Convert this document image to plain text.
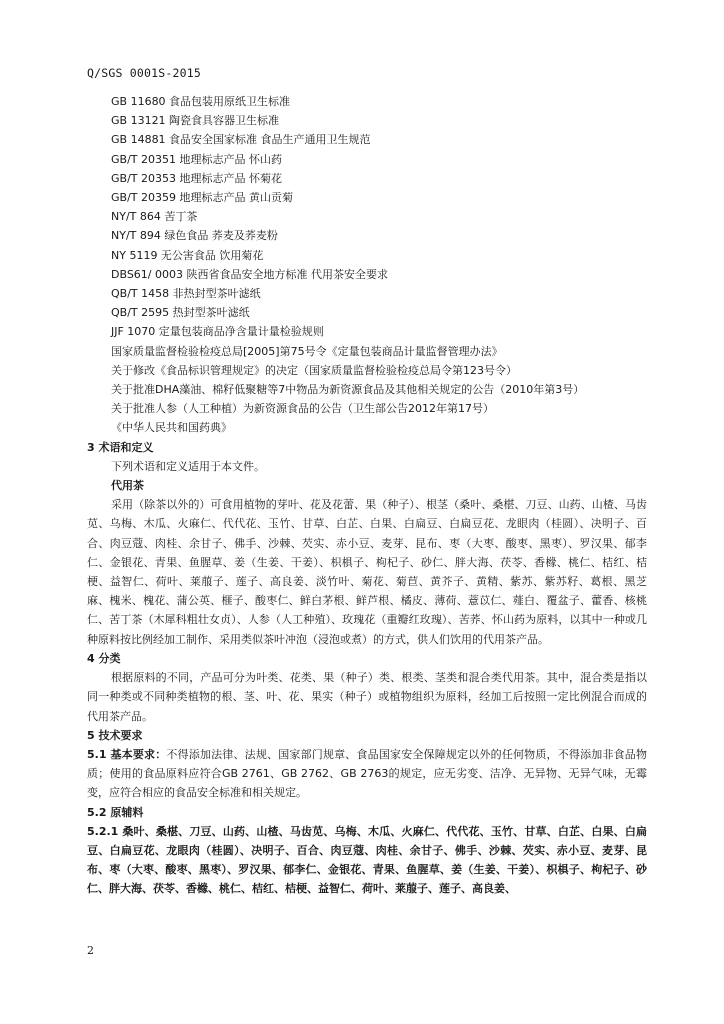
Q/SGS 0001S-2015
GB 11680 食品包装用原纸卫生标准
GB 13121 陶瓷食具容器卫生标准
GB 14881 食品安全国家标准 食品生产通用卫生规范
GB/T 20351 地理标志产品 怀山药
GB/T 20353 地理标志产品 怀菊花
GB/T 20359 地理标志产品 黄山贡菊
NY/T 864 苦丁茶
NY/T 894 绿色食品 荞麦及荞麦粉
NY 5119 无公害食品 饮用菊花
DBS61/ 0003 陕西省食品安全地方标准 代用茶安全要求
QB/T 1458 非热封型茶叶滤纸
QB/T 2595 热封型茶叶滤纸
JJF 1070 定量包装商品净含量计量检验规则
国家质量监督检验检疫总局[2005]第75号令《定量包装商品计量监督管理办法》
关于修改《食品标识管理规定》的决定（国家质量监督检验检疫总局令第123号令）
关于批准DHA藻油、棉籽低聚糖等7中物品为新资源食品及其他相关规定的公告（2010年第3号）
关于批准人参（人工种植）为新资源食品的公告（卫生部公告2012年第17号）
《中华人民共和国药典》
3 术语和定义
下列术语和定义适用于本文件。
代用茶
采用（除茶以外的）可食用植物的芽叶、花及花蕾、果（种子）、根茎（桑叶、桑椹、刀豆、山药、山楂、马齿苋、乌梅、木瓜、火麻仁、代代花、玉竹、甘草、白芷、白果、白扁豆、白扁豆花、龙眼肉（桂圆）、决明子、百合、肉豆蔻、肉桂、余甘子、佛手、沙棘、芡实、赤小豆、麦芽、昆布、枣（大枣、酸枣、黑枣）、罗汉果、郁李仁、金银花、青果、鱼腥草、姜（生姜、干姜）、枳椇子、枸杞子、砂仁、胖大海、茯苓、香橼、桃仁、桔红、桔梗、益智仁、荷叶、莱菔子、莲子、高良姜、淡竹叶、菊花、菊苣、黄芥子、黄精、紫苏、紫苏籽、葛根、黑芝麻、槐米、槐花、蒲公英、榧子、酸枣仁、鲜白茅根、鲜芦根、橘皮、薄荷、薏苡仁、薤白、覆盆子、藿香、核桃仁、苦丁茶（木犀科粗壮女贞）、人参（人工种殖）、玫瑰花（重瓣红玫瑰）、苦荞、怀山药为原料，以其中一种或几种原料按比例经加工制作、采用类似茶叶冲泡（浸泡或煮）的方式，供人们饮用的代用茶产品。
4 分类
根据原料的不同，产品可分为叶类、花类、果（种子）类、根类、茎类和混合类代用茶。其中，混合类是指以同一种类或不同种类植物的根、茎、叶、花、果实（种子）或植物组织为原料，经加工后按照一定比例混合而成的代用茶产品。
5 技术要求
5.1 基本要求：不得添加法律、法规、国家部门规章、食品国家安全保障规定以外的任何物质，不得添加非食品物质；使用的食品原料应符合GB 2761、GB 2762、GB 2763的规定，应无劣变、洁净、无异物、无异气味，无霉变，应符合相应的食品安全标准和相关规定。
5.2 原辅料
5.2.1 桑叶、桑椹、刀豆、山药、山楂、马齿苋、乌梅、木瓜、火麻仁、代代花、玉竹、甘草、白芷、白果、白扁豆、白扁豆花、龙眼肉（桂圆）、决明子、百合、肉豆蔻、肉桂、余甘子、佛手、沙棘、芡实、赤小豆、麦芽、昆布、枣（大枣、酸枣、黑枣）、罗汉果、郁李仁、金银花、青果、鱼腥草、姜（生姜、干姜）、枳椇子、枸杞子、砂仁、胖大海、茯苓、香橼、桃仁、桔红、桔梗、益智仁、荷叶、莱菔子、莲子、高良姜、
2
